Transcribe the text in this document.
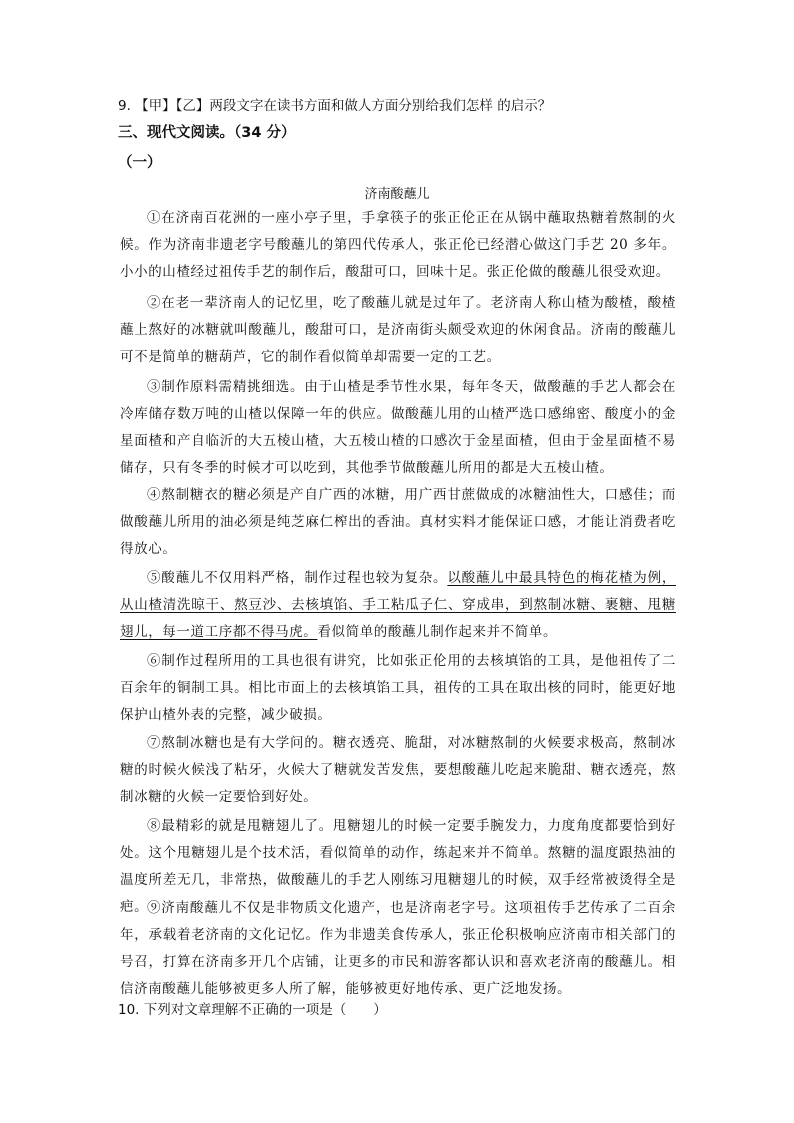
9. 【甲】【乙】两段文字在读书方面和做人方面分别给我们怎样 的启示？
三、现代文阅读。（34 分）
（一）
济南酸蘸儿

①在济南百花洲的一座小亭子里，手拿筷子的张正伦正在从锅中蘸取热糖着熬制的火候。作为济南非遗老字号酸蘸儿的第四代传承人，张正伦已经潜心做这门手艺 20 多年。小小的山楂经过祖传手艺的制作后，酸甜可口，回味十足。张正伦做的酸蘸儿很受欢迎。

②在老一辈济南人的记忆里，吃了酸蘸儿就是过年了。老济南人称山楂为酸楂，酸楂蘸上熬好的冰糖就叫酸蘸儿，酸甜可口，是济南街头颇受欢迎的休闲食品。济南的酸蘸儿可不是简单的糖葫芦，它的制作看似简单却需要一定的工艺。

③制作原料需精挑细选。由于山楂是季节性水果，每年冬天，做酸蘸的手艺人都会在冷库储存数万吨的山楂以保障一年的供应。做酸蘸儿用的山楂严选口感绵密、酸度小的金星面楂和产自临沂的大五棱山楂，大五棱山楂的口感次于金星面楂，但由于金星面楂不易储存，只有冬季的时候才可以吃到，其他季节做酸蘸儿所用的都是大五棱山楂。

④熬制糖衣的糖必须是产自广西的冰糖，用广西甘蔗做成的冰糖油性大，口感佳；而做酸蘸儿所用的油必须是纯芝麻仁榨出的香油。真材实料才能保证口感，才能让消费者吃得放心。

⑤酸蘸儿不仅用料严格，制作过程也较为复杂。以酸蘸儿中最具特色的梅花楂为例，从山楂清洗晾干、熬豆沙、去核填馅、手工粘瓜子仁、穿成串，到熬制冰糖、裹糖、甩糖翅儿，每一道工序都不得马虎。看似简单的酸蘸儿制作起来并不简单。

⑥制作过程所用的工具也很有讲究，比如张正伦用的去核填馅的工具，是他祖传了二百余年的铜制工具。相比市面上的去核填馅工具，祖传的工具在取出核的同时，能更好地保护山楂外表的完整，减少破损。

⑦熬制冰糖也是有大学问的。糖衣透亮、脆甜，对冰糖熬制的火候要求极高，熬制冰糖的时候火候浅了粘牙，火候大了糖就发苦发焦，要想酸蘸儿吃起来脆甜、糖衣透亮，熬制冰糖的火候一定要恰到好处。

⑧最精彩的就是甩糖翅儿了。甩糖翅儿的时候一定要手腕发力，力度角度都要恰到好处。这个甩糖翅儿是个技术活，看似简单的动作，练起来并不简单。熬糖的温度跟热油的温度所差无几，非常热，做酸蘸儿的手艺人刚练习甩糖翅儿的时候，双手经常被烫得全是疤。

⑨济南酸蘸儿不仅是非物质文化遗产，也是济南老字号。这项祖传手艺传承了二百余年，承载着老济南的文化记忆。作为非遗美食传承人，张正伦积极响应济南市相关部门的号召，打算在济南多开几个店铺，让更多的市民和游客都认识和喜欢老济南的酸蘸儿。相信济南酸蘸儿能够被更多人所了解，能够被更好地传承、更广泛地发扬。

10. 下列对文章理解不正确的一项是（　　）
